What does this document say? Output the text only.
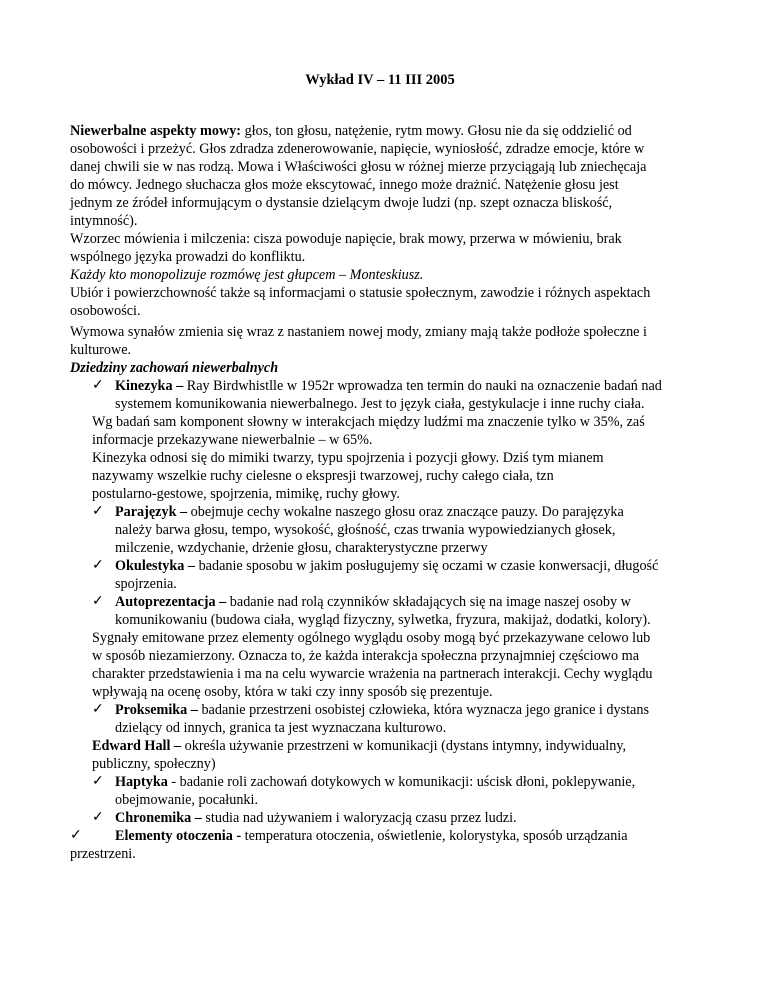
Wykład IV – 11 III 2005
Niewerbalne aspekty mowy: głos, ton głosu, natężenie, rytm mowy. Głosu nie da się oddzielić od
osobowości i przeżyć. Głos zdradza zdenerowowanie, napięcie, wyniosłość, zdradze emocje, które w
danej chwili sie w nas rodzą. Mowa i Właściwości głosu w różnej mierze przyciągają lub zniechęcaja
do mówcy. Jednego słuchacza głos może ekscytować, innego może drażnić. Natężenie głosu jest
jednym ze źródeł informującym o dystansie dzielącym dwoje ludzi (np. szept oznacza bliskość,
intymność).
Wzorzec mówienia i milczenia: cisza powoduje napięcie, brak mowy, przerwa w mówieniu, brak
wspólnego języka prowadzi do konfliktu.
Każdy kto monopolizuje rozmówę jest głupcem – Monteskiusz.
Ubiór i powierzchowność także są informacjami o statusie społecznym, zawodzie i różnych aspektach
osobowości.
Wymowa synałów zmienia się wraz z nastaniem nowej mody, zmiany mają także podłoże społeczne i
kulturowe.
Dziedziny zachowań niewerbalnych
✓ Kinezyka – Ray Birdwhistlle w 1952r wprowadza ten termin do nauki na oznaczenie badań nad
systemem komunikowania niewerbalnego. Jest to język ciała, gestykulacje i inne ruchy ciała.
Wg badań sam komponent słowny w interakcjach między ludźmi ma znaczenie tylko w 35%, zaś
informacje przekazywane niewerbalnie – w 65%.
Kinezyka odnosi się do mimiki twarzy, typu spojrzenia i pozycji głowy. Dziś tym mianem
nazywamy wszelkie ruchy cielesne o ekspresji twarzowej, ruchy całego ciała, tzn
postularno-gestowe, spojrzenia, mimikę, ruchy głowy.
✓ Parajęzyk – obejmuje cechy wokalne naszego głosu oraz znaczące pauzy. Do parajęzyka
należy barwa głosu, tempo, wysokość, głośność, czas trwania wypowiedzianych głosek,
milczenie, wzdychanie, drżenie głosu, charakterystyczne przerwy
✓ Okulestyka – badanie sposobu w jakim posługujemy się oczami w czasie konwersacji, długość
spojrzenia.
✓ Autoprezentacja – badanie nad rolą czynników składających się na image naszej osoby w
komunikowaniu (budowa ciała, wygląd fizyczny, sylwetka, fryzura, makijaż, dodatki, kolory).
Sygnały emitowane przez elementy ogólnego wyglądu osoby mogą być przekazywane celowo lub
w sposób niezamierzony. Oznacza to, że każda interakcja społeczna przynajmniej częściowo ma
charakter przedstawienia i ma na celu wywarcie wrażenia na partnerach interakcji. Cechy wyglądu
wpływają na ocenę osoby, która w taki czy inny sposób się prezentuje.
✓ Proksemika – badanie przestrzeni osobistej człowieka, która wyznacza jego granice i dystans
dzielący od innych, granica ta jest wyznaczana kulturowo.
Edward Hall – określa używanie przestrzeni w komunikacji (dystans intymny, indywidualny,
publiczny, społeczny)
✓ Haptyka - badanie roli zachowań dotykowych w komunikacji: uścisk dłoni, poklepywanie,
obejmowanie, pocałunki.
✓ Chronemika – studia nad używaniem i waloryzacją czasu przez ludzi.
✓ Elementy otoczenia - temperatura otoczenia, oświetlenie, kolorystyka, sposób urządzania
przestrzeni.
